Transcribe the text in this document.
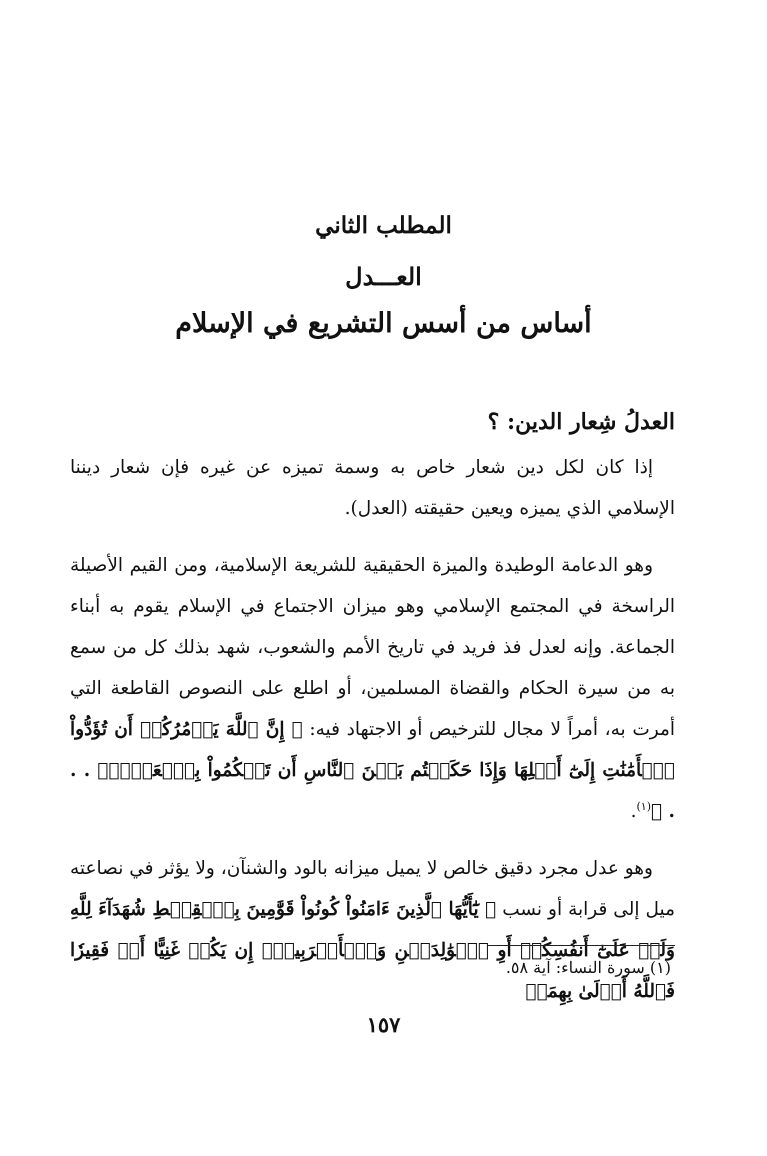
المطلب الثاني
العـــدل
أساس من أسس التشريع في الإسلام
العدلُ شِعار الدين: ؟

إذا كان لكل دين شعار خاص به وسمة تميزه عن غيره فإن شعار ديننا الإسلامي الذي يميزه ويعين حقيقته (العدل).

وهو الدعامة الوطيدة والميزة الحقيقية للشريعة الإسلامية، ومن القيم الأصيلة الراسخة في المجتمع الإسلامي وهو ميزان الاجتماع في الإسلام يقوم به أبناء الجماعة. وإنه لعدل فذ فريد في تاريخ الأمم والشعوب، شهد بذلك كل من سمع به من سيرة الحكام والقضاة المسلمين، أو اطلع على النصوص القاطعة التي أمرت به، أمراً لا مجال للترخيص أو الاجتهاد فيه: ﴿ إِنَّ ٱللَّهَ يَأۡمُرُكُمۡ أَن تُؤَدُّواْ ٱلۡأَمَٰنَٰتِ إِلَىٰٓ أَهۡلِهَا وَإِذَا حَكَمۡتُم بَيۡنَ ٱلنَّاسِ أَن تَحۡكُمُواْ بِٱلۡعَدۡلِۚ . . . ﴾$^{(١)}$.

وهو عدل مجرد دقيق خالص لا يميل ميزانه بالود والشنآن، ولا يؤثر في نصاعته ميل إلى قرابة أو نسب ﴿ يَٰٓأَيُّهَا ٱلَّذِينَ ءَامَنُواْ كُونُواْ قَوَّٰمِينَ بِٱلۡقِسۡطِ شُهَدَآءَ لِلَّهِ وَلَوۡ عَلَىٰٓ أَنفُسِكُمۡ أَوِ ٱلۡوَٰلِدَيۡنِ وَٱلۡأَقۡرَبِينَۚ إِن يَكُنۡ غَنِيًّا أَوۡ فَقِيرٗا فَٱللَّهُ أَوۡلَىٰ بِهِمَاۖ

(١) سورة النساء: آية ٥٨.
١٥٧
